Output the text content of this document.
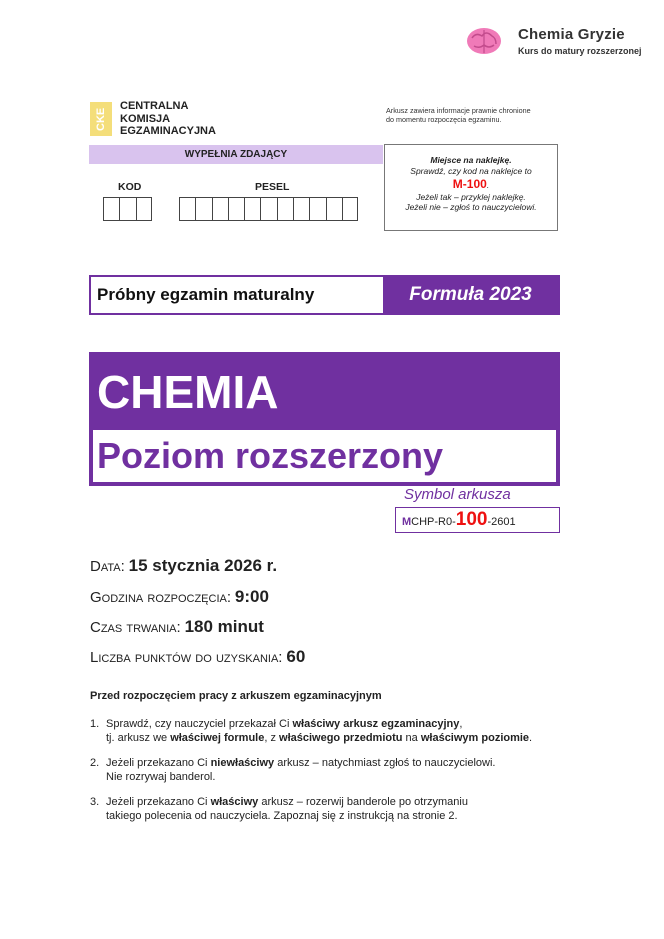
Chemia Gryzie
Kurs do matury rozszerzonej
CKE
CENTRALNA
KOMISJA
EGZAMINACYJNA
Arkusz zawiera informacje prawnie chronione
do momentu rozpoczęcia egzaminu.
WYPEŁNIA ZDAJĄCY
KOD	PESEL
Miejsce na naklejkę.
Sprawdź, czy kod na naklejce to
M-100.
Jeżeli tak – przyklej naklejkę.
Jeżeli nie – zgłoś to nauczycielowi.
Próbny egzamin maturalny	Formuła 2023
CHEMIA
Poziom rozszerzony
Symbol arkusza
MCHP-R0-100-2601
Data: 15 stycznia 2026 r.
Godzina rozpoczęcia: 9:00
Czas trwania: 180 minut
Liczba punktów do uzyskania: 60
Przed rozpoczęciem pracy z arkuszem egzaminacyjnym
1. Sprawdź, czy nauczyciel przekazał Ci właściwy arkusz egzaminacyjny,
tj. arkusz we właściwej formule, z właściwego przedmiotu na właściwym poziomie.
2. Jeżeli przekazano Ci niewłaściwy arkusz – natychmiast zgłoś to nauczycielowi.
Nie rozrywaj banderol.
3. Jeżeli przekazano Ci właściwy arkusz – rozerwij banderole po otrzymaniu
takiego polecenia od nauczyciela. Zapoznaj się z instrukcją na stronie 2.
